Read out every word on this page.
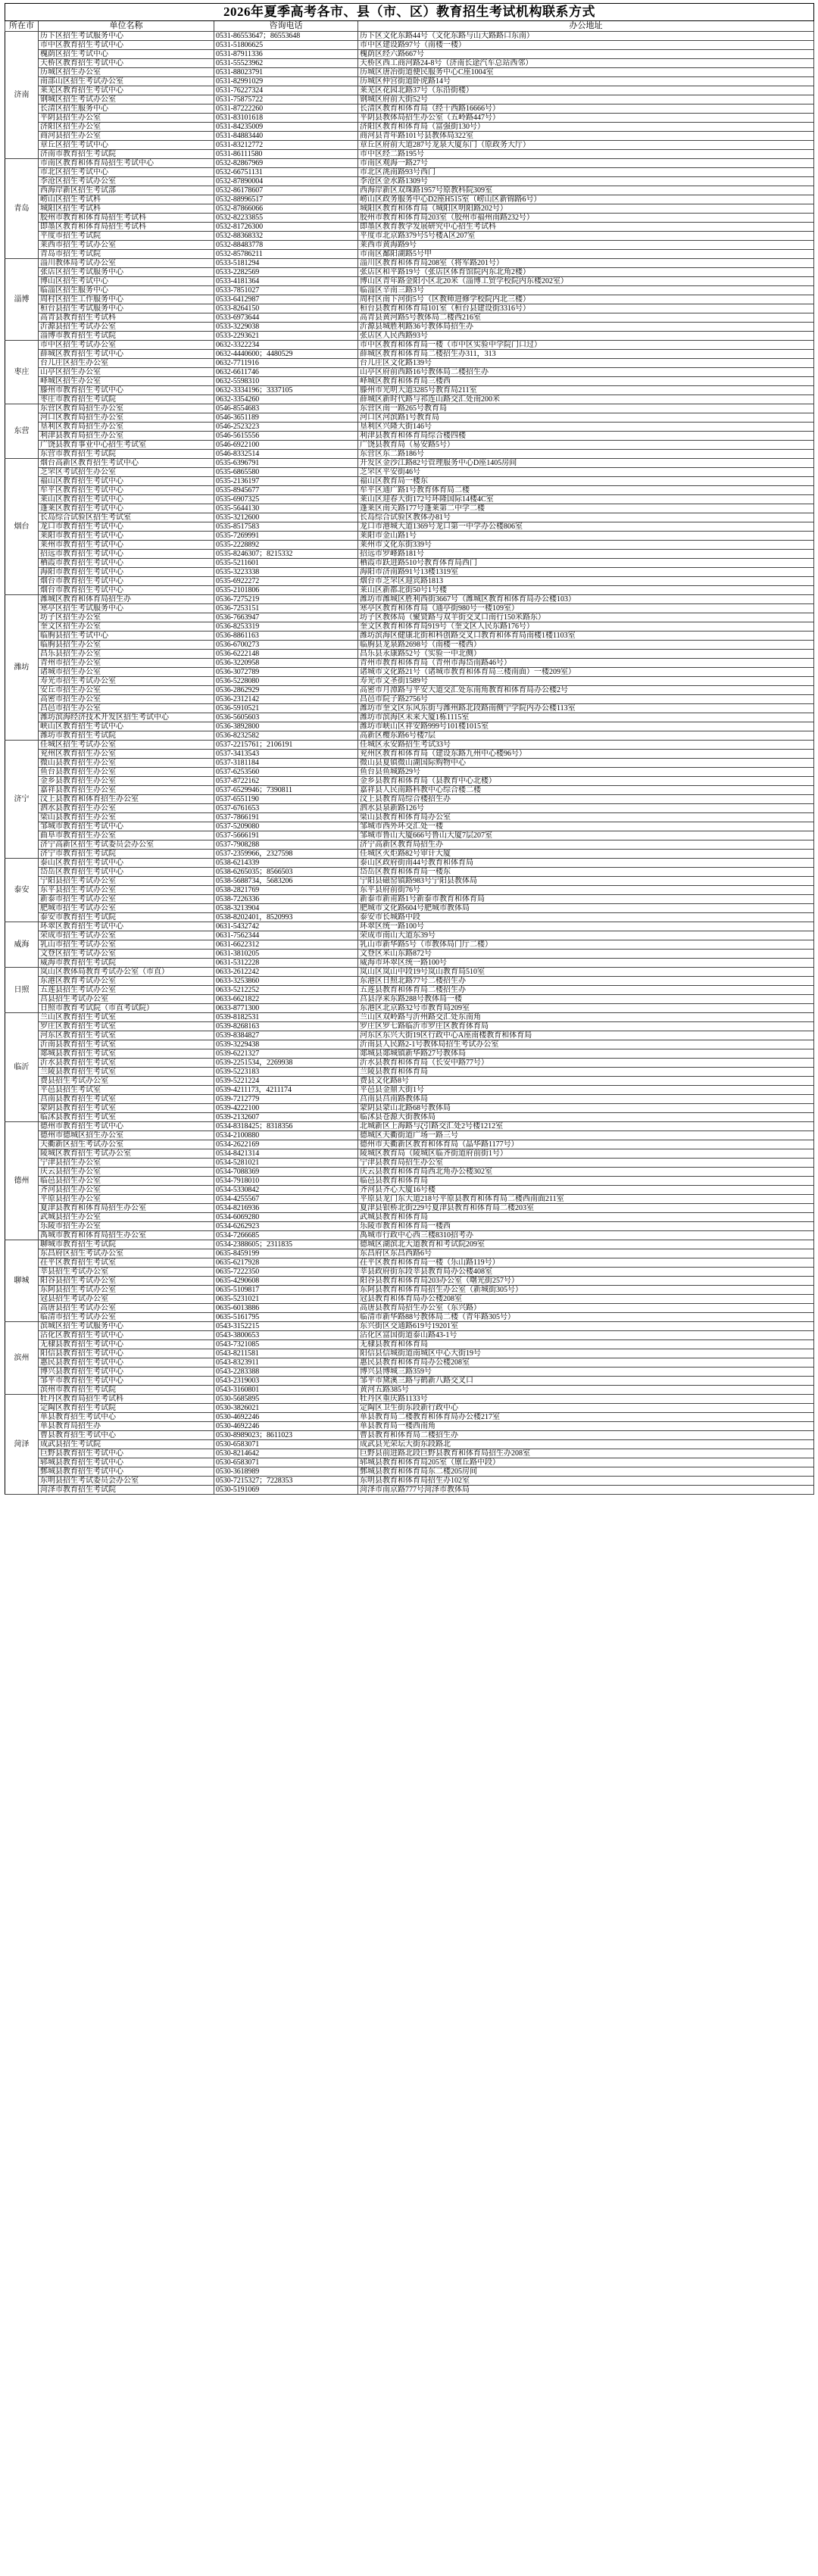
2026年夏季高考各市、县（市、区）教育招生考试机构联系方式			
所在市	单位名称	咨询电话	办公地址
济南	历下区招生考试服务中心	0531-86553647；86553648	历下区文化东路44号（文化东路与山大路路口东南）
	市中区教育招生考试中心	0531-51806625	市中区建设路97号（南楼一楼）
	槐荫区招生考试中心	0531-87911336	槐荫区经六路667号
	天桥区教育招生考试中心	0531-55523962	天桥区西工商河路24-8号（济南长途汽车总站西邻）
	历城区招生办公室	0531-88023791	历城区唐冶街道便民服务中心C座1004室
	南部山区招生考试办公室	0531-82991029	历城区仲宫街道卧虎路14号
	莱芜区教育招生考试中心	0531-76227324	莱芜区花园北路37号（东沿街楼）
	钢城区招生考试办公室	0531-75875722	钢城区府前大街52号
	长清区招生服务中心	0531-87222260	长清区教育和体育局（经十西路16666号）
	平阴县招生办公室	0531-83101618	平阴县教体局招生办公室（五岭路447号）
	济阳区招生办公室	0531-84235009	济阳区教育和体育局（富强街130号）
	商河县招生办公室	0531-84883440	商河县青年路101号县教体局322室
	章丘区招生考试中心	0531-83212772	章丘区府前大道287号龙泉大厦东门（原政务大厅）
	济南市教育招生考试院	0531-86111580	市中区经二路195号
青岛	市南区教育和体育局招生考试中心	0532-82867969	市南区观海一路27号
	市北区招生考试中心	0532-66751131	市北区洮南路93号西门
	李沧区招生考试办公室	0532-87890004	李沧区金水路1309号
	西海岸新区招生考试部	0532-86178607	西海岸新区双珠路1957号原教科院309室
	崂山区招生考试科	0532-88996517	崂山区政务服务中心D2座H515室（崂山区新锦路6号）
	城阳区招生考试科	0532-87866066	城阳区教育和体育局（城阳区明阳路202号）
	胶州市教育和体育局招生考试科	0532-82233855	胶州市教育和体育局203室（胶州市福州南路232号）
	即墨区教育和体育局招生考试科	0532-81726300	即墨区教育教学发展研究中心招生考试科
	平度市招生考试院	0532-88368332	平度市北京路379号5号楼A区207室
	莱西市招生考试办公室	0532-88483778	莱西市黄海路9号
	青岛市招生考试院	0532-85786211	市南区鄱阳湖路5号甲
淄博	淄川教体局考试办公室	0533-5181294	淄川区教育和体育局208室（将军路201号）
	张店区招生考试服务中心	0533-2282569	张店区和平路19号（张店区体育馆院内东北角2楼）
	博山区招生考试中心	0533-4181364	博山区青年路金阳小区北20米（淄博工贸学校院内东楼202室）
	临淄区招生服务中心	0533-7851027	临淄区辛南三路3号
	周村区招生工作服务中心	0533-6412987	周村区南下河街5号（区教师进修学校院内北三楼）
	桓台县招生考试服务中心	0533-8264150	桓台县教育和体育局101室（桓台县建设街3316号）
	高青县教育招生考试科	0533-6973644	高青县黄河路5号教体局二楼西216室
	沂源县招生考试办公室	0533-3229038	沂源县城胜利路36号教体局招生办
	淄博市教育招生考试院	0533-2293621	张店区人民西路93号
枣庄	市中区招生考试办公室	0632-3322234	市中区教育和体育局一楼（市中区实验中学院门口过）
	薛城区教育招生考试中心	0632-4440600；4480529	薛城区教育和体育局二楼招生办311，313
	台儿庄区招生办公室	0632-7711916	台儿庄区文化路139号
	山亭区招生办公室	0632-6611746	山亭区府前西路16号教体局二楼招生办
	峄城区招生办公室	0632-5598310	峄城区教育和体育局三楼西
	滕州市教育招生考试中心	0632-3334196；3337105	滕州市光明大道3285号教育局211室
	枣庄市教育招生考试院	0632-3354260	薛城区新时代路与祁连山路交汇处南200米
东营	东营区教育局招生办公室	0546-8554683	东营区南一路265号教育局
	河口区教育局招生办公室	0546-3651189	河口区河滨路1号教育局
	垦利区教育局招生办公室	0546-2523223	垦利区兴隆大街146号
	利津县教育局招生办公室	0546-5615556	利津县教育和体育局综合楼四楼
	广饶县教育事业中心招生考试室	0546-6922100	广饶县教育局（易安路5号）
	东营市教育招生考试院	0546-8332514	东营区东二路186号
烟台	烟台高新区教育招生考试中心	0535-6396791	开发区金沙江路82号管理服务中心D座1405房间
	芝罘区考试招生办公室	0535-6865580	芝罘区平安街46号
	福山区教育招生考试中心	0535-2136197	福山区教育局一楼东
	牟平区教育招生考试中心	0535-8945677	牟平区通广路1号教育体育局二楼
	莱山区教育招生考试中心	0535-6907325	莱山区迎春大街172号环隆国际14楼4C室
	蓬莱区教育招生考试中心	0535-5644130	蓬莱区南关路177号蓬莱第二中学二楼
	长岛综合试验区招生考试室	0535-3212600	长岛综合试验区教体办81号
	龙口市教育招生考试中心	0535-8517583	龙口市港城大道1369号龙口第一中学办公楼806室
	莱阳市教育招生考试中心	0535-7269991	莱阳市金山路1号
	莱州市教育招生考试中心	0535-2228892	莱州市文化东街339号
	招远市教育招生考试中心	0535-8246307；8215332	招远市罗峰路181号
	栖霞市教育招生考试中心	0535-5211601	栖霞市跃进路510号教育体育局西门
	海阳市教育招生考试中心	0535-3223338	海阳市济南路91号13楼1319室
	烟台市教育招生考试中心	0535-6922272	烟台市芝罘区迎宾路1813
	烟台市教育招生考试中心	0535-2101806	莱山区新都北街50号1号楼
潍坊	潍城区教育和体育局招生办	0536-7275219	潍坊市潍城区胜利西街3667号（潍城区教育和体育局办公楼103）
	寒亭区招生考试服务中心	0536-7253151	寒亭区教育和体育局（通亭街980号一楼109室）
	坊子区招生办公室	0536-7663947	坊子区教体局（聚贤路与双羊街交叉口南行150米路东）
	奎文区招生办公室	0536-8253319	奎文区教育和体育局919号（奎文区人民东路176号）
	临朐县招生考试中心	0536-8861163	潍坊滨海区健康北街和科创路交叉口教育和体育局南楼1楼1103室
	临朐县招生办公室	0536-6700273	临朐县龙泉路2698号（南楼一楼西）
	昌乐县招生办公室	0536-6222148	昌乐县永康路52号（实验一中北侧）
	青州市招生办公室	0536-3220958	青州市教育和体育局（青州市海岱南路46号）
	诸城市招生办公室	0536-3072789	诸城市文化路21号（诸城市教育和体育局三楼南面）一楼209室）
	寿光市招生考试办公室	0536-5228080	寿光市文圣街1589号
	安丘市招生办公室	0536-2862929	高密市月潭路与平安大道交汇处东南角教育和体育局办公楼2号
	高密市招生办公室	0536-2312142	昌邑市院子路2756号
	昌邑市招生办公室	0536-5910521	潍坊市奎文区东风东街与潍州路北段路南侧宁学院内办公楼113室
	潍坊滨海经济技术开发区招生考试中心	0536-5605603	潍坊市滨海区未来大厦1栋1115室
	峡山区教育招生考试中心	0536-3892800	潍坊市峡山区祥安路999号101楼1015室
	潍坊市教育招生考试院	0536-8232582	高新区樱东路6号楼7层
济宁	任城区招生考试办公室	0537-2215761；2106191	任城区永安路招生考试33号
	兖州区教育招生办公室	0537-3413543	兖州区教育和体育局（建设东路九州中心楼96号）
	微山县教育招生办公室	0537-3181184	微山县夏镇微山湖国际购物中心
	鱼台县教育招生办公室	0537-6253560	鱼台县鱼城路29号
	金乡县教育招生办公室	0537-8722162	金乡县教育和体育局（县教育中心北楼）
	嘉祥县教育招生办公室	0537-6529946；7390811	嘉祥县人民南路科教中心综合楼二楼
	汶上县教育和体育招生办公室	0537-6551190	汶上县教育局综合楼招生办
	泗水县教育招生办公室	0537-6761653	泗水县泉新路126号
	梁山县教育招生办公室	0537-7866191	梁山县教育和体育局办公室
	邹城市教育招生考试中心	0537-5209080	邹城市西外环交汇处一楼
	曲阜市教育招生办公室	0537-5666191	邹城市鲁山大厦666号鲁山大厦7层207室
	济宁高新区招生考试委员会办公室	0537-7908288	济宁高新区教育局招生办
	济宁市教育招生考试院	0537-2359966，2327598	任城区火炬路82号审计大厦
泰安	泰山区教育招生考试中心	0538-6214339	泰山区政府街南44号教育和体育局
	岱岳区教育招生考试中心	0538-6265035；8566503	岱岳区教育和体育局一楼东
	宁阳县招生考试办公室	0538-5688734，5683206	宁阳县磁窑镇路983号宁阳县教体局
	东平县招生考试办公室	0538-2821769	东平县府前街76号
	新泰市招生考试办公室	0538-7226336	新泰市新甫路1号新泰市教育和体育局
	肥城市招生考试办公室	0538-3213904	肥城市文化路604号肥城市教体局
	泰安市教育招生考试院	0538-8202401，8520993	泰安市长城路中段
威海	环翠区教育招生考试中心	0631-5432742	环翠区统一路100号
	荣成市招生考试办公室	0631-7562344	荣成市南山大道东39号
	乳山市招生考试办公室	0631-6622312	乳山市新华路5号（市教体局门厅二楼）
	文登区招生考试办公室	0631-3810205	文登区米山东路872号
	威海市教育招生考试院	0631-5312228	威海市环翠区统一路100号
日照	岚山区教体局教育考试办公室（市直）	0633-2612242	岚山区岚山中段19号岚山教育局510室
	东港区教育考试办公室	0633-3253860	东港区日照北路77号二楼招生办
	五莲县招生考试办公室	0633-5212252	五莲县教育和体育局二楼招生办
	莒县招生考试办公室	0633-6621822	莒县浮来东路288号教体局一楼
	日照市教育考试院（市直考试院）	0633-8771300	东港区北京路32号市教育局209室
临沂	兰山区教育招生考试室	0539-8182531	兰山区双岭路与沂州路交汇处东南角
	罗庄区教育招生考试室	0539-8268163	罗庄区罗七路临沂市罗庄区教育体育局
	河东区教育招生考试室	0539-8384827	河东区东兴大街19区行政中心A座南楼教育和体育局
	沂南县教育招生考试室	0539-3229438	沂南县人民路2-1号教体局招生考试办公室
	郯城县教育招生考试室	0539-6221327	郯城县郯城镇新华路27号教体局
	沂水县教育招生考试室	0539-2251534，2269938	沂水县教育和体育局（长安中路77号）
	兰陵县教育招生考试室	0539-5223183	兰陵县教育和体育局
	费县招生考试办公室	0539-5221224	费县文化路8号
	平邑县招生考试室	0539-4211173，4211174	平邑县金鼎大街1号
	莒南县教育招生考试室	0539-7212779	莒南县莒南路教体局
	蒙阴县教育招生考试室	0539-4222100	蒙阴县蒙山北路68号教体局
	临沭县教育招生考试室	0539-2132607	临沭县苍源大街教体局
德州	德州市教育招生考试中心	0534-8318425；8318356	北城新区上海路与ζ引路交汇处2号楼1212室
	德州市德城区招生办公室	0534-2100880	德城区天衢街道广场一路三号
	天衢新区招生考试办公室	0534-2622169	德州市天衢新区教育和体育局（晶华路1177号）
	陵城区教育招生考试办公室	0534-8421314	陵城区教育局（陵城区临齐街道府前街1号）
	宁津县招生办公室	0534-5281021	宁津县教育局招生办公室
	庆云县招生办公室	0534-7088369	庆云县教育和体育局西北角办公楼302室
	临邑县招生办公室	0534-7918010	临邑县教育和体育局
	齐河县招生办公室	0534-5330842	齐河县齐心大厦16号楼
	平原县招生办公室	0534-4255567	平原县龙门东大道218号平原县教育和体育局二楼西南面211室
	夏津县教育和体育局招生办公室	0534-8216936	夏津县银桥北街229号夏津县教育和体育局二楼203室
	武城县招生办公室	0534-6069280	武城县教育和体育局
	乐陵市招生办公室	0534-6262923	乐陵市教育和体育局一楼西
	禹城市教育和体育局招生办公室	0534-7266685	禹城市行政中心西三楼8310招考办
聊城	聊城市教育招生考试院	0534-2388605；2311835	德城区湖滨北大道教育和考试院209室
	东昌府区招生考试办公室	0635-8459199	东昌府区东昌西路6号
	茌平区教育招生考试室	0635-6217928	茌平区教育和体育局一楼（乐山路119号）
	莘县招生考试办公室	0635-7222350	莘县政府街东段莘县教育局办公楼408室
	阳谷县招生考试办公室	0635-4290608	阳谷县教育和体育局203办公室（曙光街257号）
	东阿县招生考试办公室	0635-5109817	东阿县教育和体育局招生办公室（新城街305号）
	冠县招生考试办公室	0635-5231021	冠县教育和体育局办公楼208室
	高唐县招生考试办公室	0635-6013886	高唐县教育局招生办公室（东兴路）
	临清市招生考试办公室	0635-5161795	临清市新华路88号教体局二楼（青年路305号）
滨州	滨城区招生考试服务中心	0543-3152215	东兴街区交通路619号19201室
	沾化区教育招生考试中心	0543-3800653	沾化区富国街道泰山路43-1号
	无棣县教育招生考试中心	0543-7321085	无棣县教育和体育局
	阳信县教育招生考试中心	0543-8211581	阳信县信城街道南城区中心大街19号
	惠民县教育招生考试中心	0543-8323911	惠民县教育和体育局办公楼208室
	博兴县教育招生考试中心	0543-2283388	博兴县博城三路359号
	邹平市教育招生考试中心	0543-2319003	邹平市黛溪三路与鹤新八路交叉口
	滨州市教育招生考试院	0543-3160801	黄河五路385号
菏泽	牡丹区教育局招生考试科	0530-5685895	牡丹区重庆路1133号
	定陶区教育招生考试院	0530-3826021	定陶区卫生街东段新行政中心
	单县教育招生考试中心	0530-4692246	单县教育局二楼教育和体育局办公楼217室
	单县教育局招生办	0530-4692246	单县教育局一楼西南角
	曹县教育招生考试中心	0530-8989023；8611023	曹县教育和体育局二楼招生办
	成武县招生考试院	0530-6583071	成武县光荣坛大街东段路北
	巨野县教育招生考试中心	0530-8214642	巨野县前进路北段巨野县教育和体育局招生办208室
	郓城县教育招生考试中心	0530-6583071	郓城县教育和体育局205室（廪丘路中段）
	鄄城县教育招生考试中心	0530-3618989	鄄城县教育和体育局东二楼205房间
	东明县招生考试委员会办公室	0530-7215327；7228353	东明县教育和体育局招生办102室
	菏泽市教育招生考试院	0530-5191069	菏泽市南京路777号菏泽市教体局
